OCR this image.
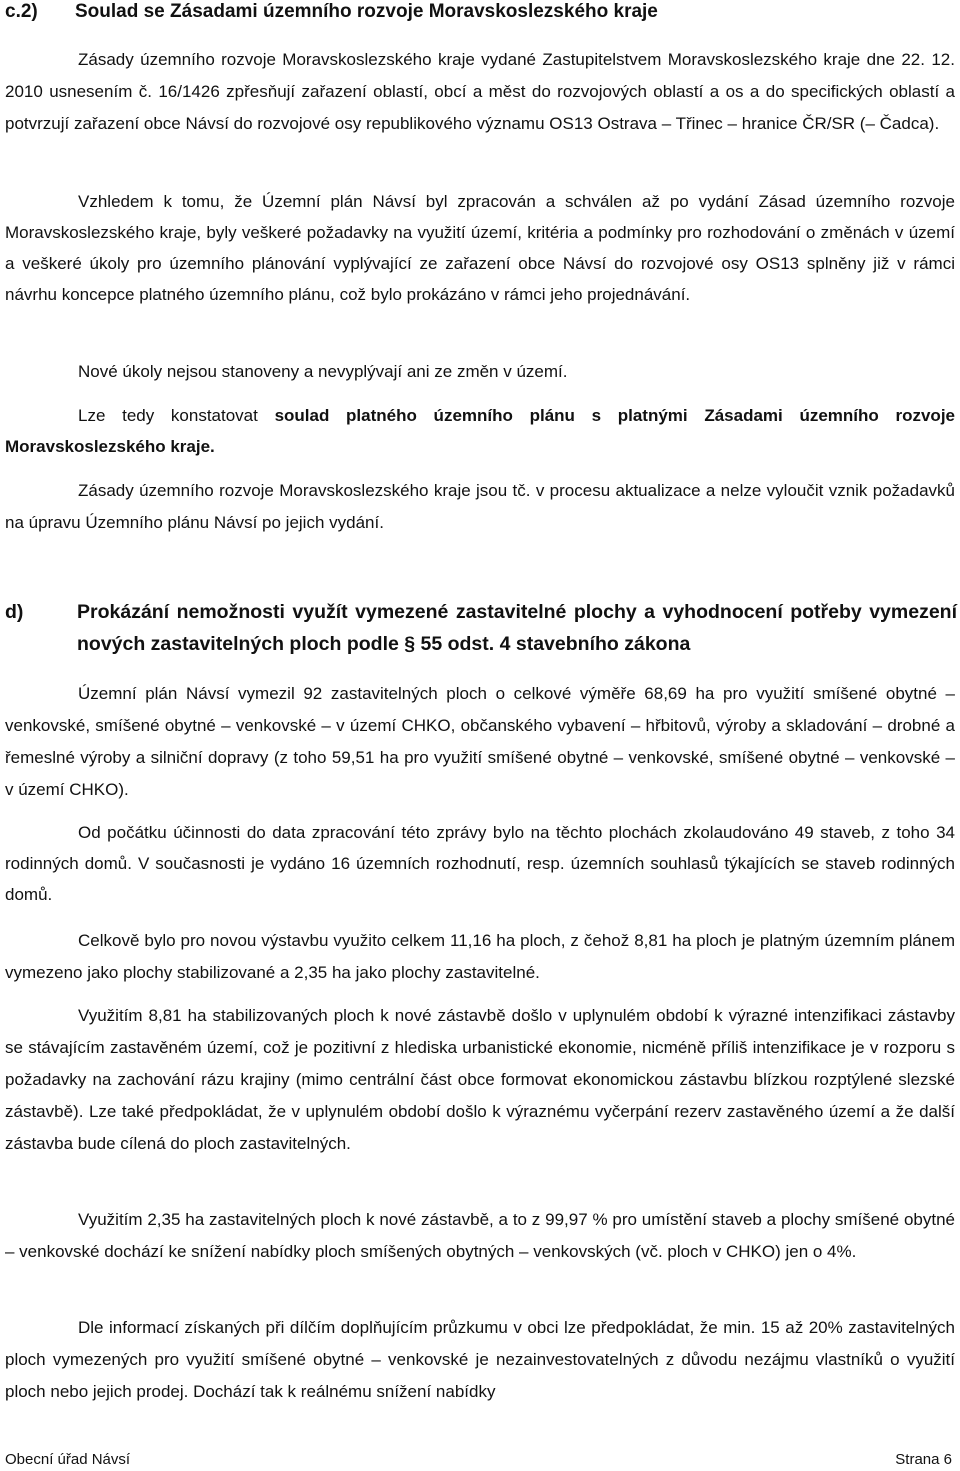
c.2) Soulad se Zásadami územního rozvoje Moravskoslezského kraje
Zásady územního rozvoje Moravskoslezského kraje vydané Zastupitelstvem Moravskoslezského kraje dne 22. 12. 2010 usnesením č. 16/1426 zpřesňují zařazení oblastí, obcí a měst do rozvojových oblastí a os a do specifických oblastí a potvrzují zařazení obce Návsí do rozvojové osy republikového významu OS13 Ostrava – Třinec – hranice ČR/SR (– Čadca).
Vzhledem k tomu, že Územní plán Návsí byl zpracován a schválen až po vydání Zásad územního rozvoje Moravskoslezského kraje, byly veškeré požadavky na využití území, kritéria a podmínky pro rozhodování o změnách v území a veškeré úkoly pro územního plánování vyplývající ze zařazení obce Návsí do rozvojové osy OS13 splněny již v rámci návrhu koncepce platného územního plánu, což bylo prokázáno v rámci jeho projednávání.
Nové úkoly nejsou stanoveny a nevyplývají ani ze změn v území.
Lze tedy konstatovat soulad platného územního plánu s platnými Zásadami územního rozvoje Moravskoslezského kraje.
Zásady územního rozvoje Moravskoslezského kraje jsou tč. v procesu aktualizace a nelze vyloučit vznik požadavků na úpravu Územního plánu Návsí po jejich vydání.
d)	Prokázání nemožnosti využít vymezené zastavitelné plochy a vyhodnocení potřeby vymezení nových zastavitelných ploch podle § 55 odst. 4 stavebního zákona
Územní plán Návsí vymezil 92 zastavitelných ploch o celkové výměře 68,69 ha pro využití smíšené obytné – venkovské, smíšené obytné – venkovské – v území CHKO, občanského vybavení – hřbitovů, výroby a skladování – drobné a řemeslné výroby a silniční dopravy (z toho 59,51 ha pro využití smíšené obytné – venkovské, smíšené obytné – venkovské – v území CHKO).
Od počátku účinnosti do data zpracování této zprávy bylo na těchto plochách zkolaudováno 49 staveb, z toho 34 rodinných domů. V současnosti je vydáno 16 územních rozhodnutí, resp. územních souhlasů týkajících se staveb rodinných domů.
Celkově bylo pro novou výstavbu využito celkem 11,16 ha ploch, z čehož 8,81 ha ploch je platným územním plánem vymezeno jako plochy stabilizované a 2,35 ha jako plochy zastavitelné.
Využitím 8,81 ha stabilizovaných ploch k nové zástavbě došlo v uplynulém období k výrazné intenzifikaci zástavby se stávajícím zastavěném území, což je pozitivní z hlediska urbanistické ekonomie, nicméně příliš intenzifikace je v rozporu s požadavky na zachování rázu krajiny (mimo centrální část obce formovat ekonomickou zástavbu blízkou rozptýlené slezské zástavbě). Lze také předpokládat, že v uplynulém období došlo k výraznému vyčerpání rezerv zastavěného území a že další zástavba bude cílená do ploch zastavitelných.
Využitím 2,35 ha zastavitelných ploch k nové zástavbě, a to z 99,97 % pro umístění staveb a plochy smíšené obytné – venkovské dochází ke snížení nabídky ploch smíšených obytných – venkovských (vč. ploch v CHKO) jen o 4%.
Dle informací získaných při dílčím doplňujícím průzkumu v obci lze předpokládat, že min. 15 až 20% zastavitelných ploch vymezených pro využití smíšené obytné – venkovské je nezainvestovatelných z důvodu nezájmu vlastníků o využití ploch nebo jejich prodej. Dochází tak k reálnému snížení nabídky
Obecní úřad Návsí	Strana 6
